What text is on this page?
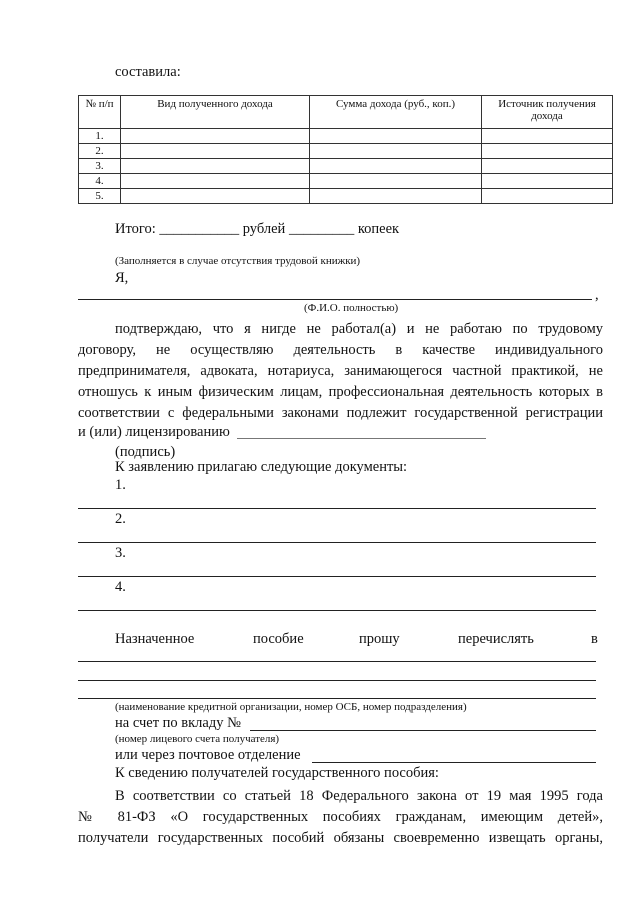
составила:
№ п/п	Вид полученного дохода	Сумма дохода (руб., коп.)	Источник получения дохода
1.			
2.			
3.			
4.			
5.			
Итого: ___________ рублей _________ копеек
(Заполняется в случае отсутствия трудовой книжки)
Я,
,
(Ф.И.О. полностью)
подтверждаю, что я нигде не работал(а) и не работаю по трудовому
договору, не осуществляю деятельность в качестве индивидуального
предпринимателя, адвоката, нотариуса, занимающегося частной практикой, не
отношусь к иным физическим лицам, профессиональная деятельность которых в
соответствии с федеральными законами подлежит государственной регистрации
и (или) лицензированию
(подпись)
К заявлению прилагаю следующие документы:
1.
2.
3.
4.
Назначенное	пособие	прошу	перечислять	в
(наименование кредитной организации, номер ОСБ, номер подразделения)
на счет по вкладу №
(номер лицевого счета получателя)
или через почтовое отделение
К сведению получателей государственного пособия:
В соответствии со статьей 18 Федерального закона от 19 мая 1995 года
№ 81-ФЗ «О государственных пособиях гражданам, имеющим детей»,
получатели государственных пособий обязаны своевременно извещать органы,
